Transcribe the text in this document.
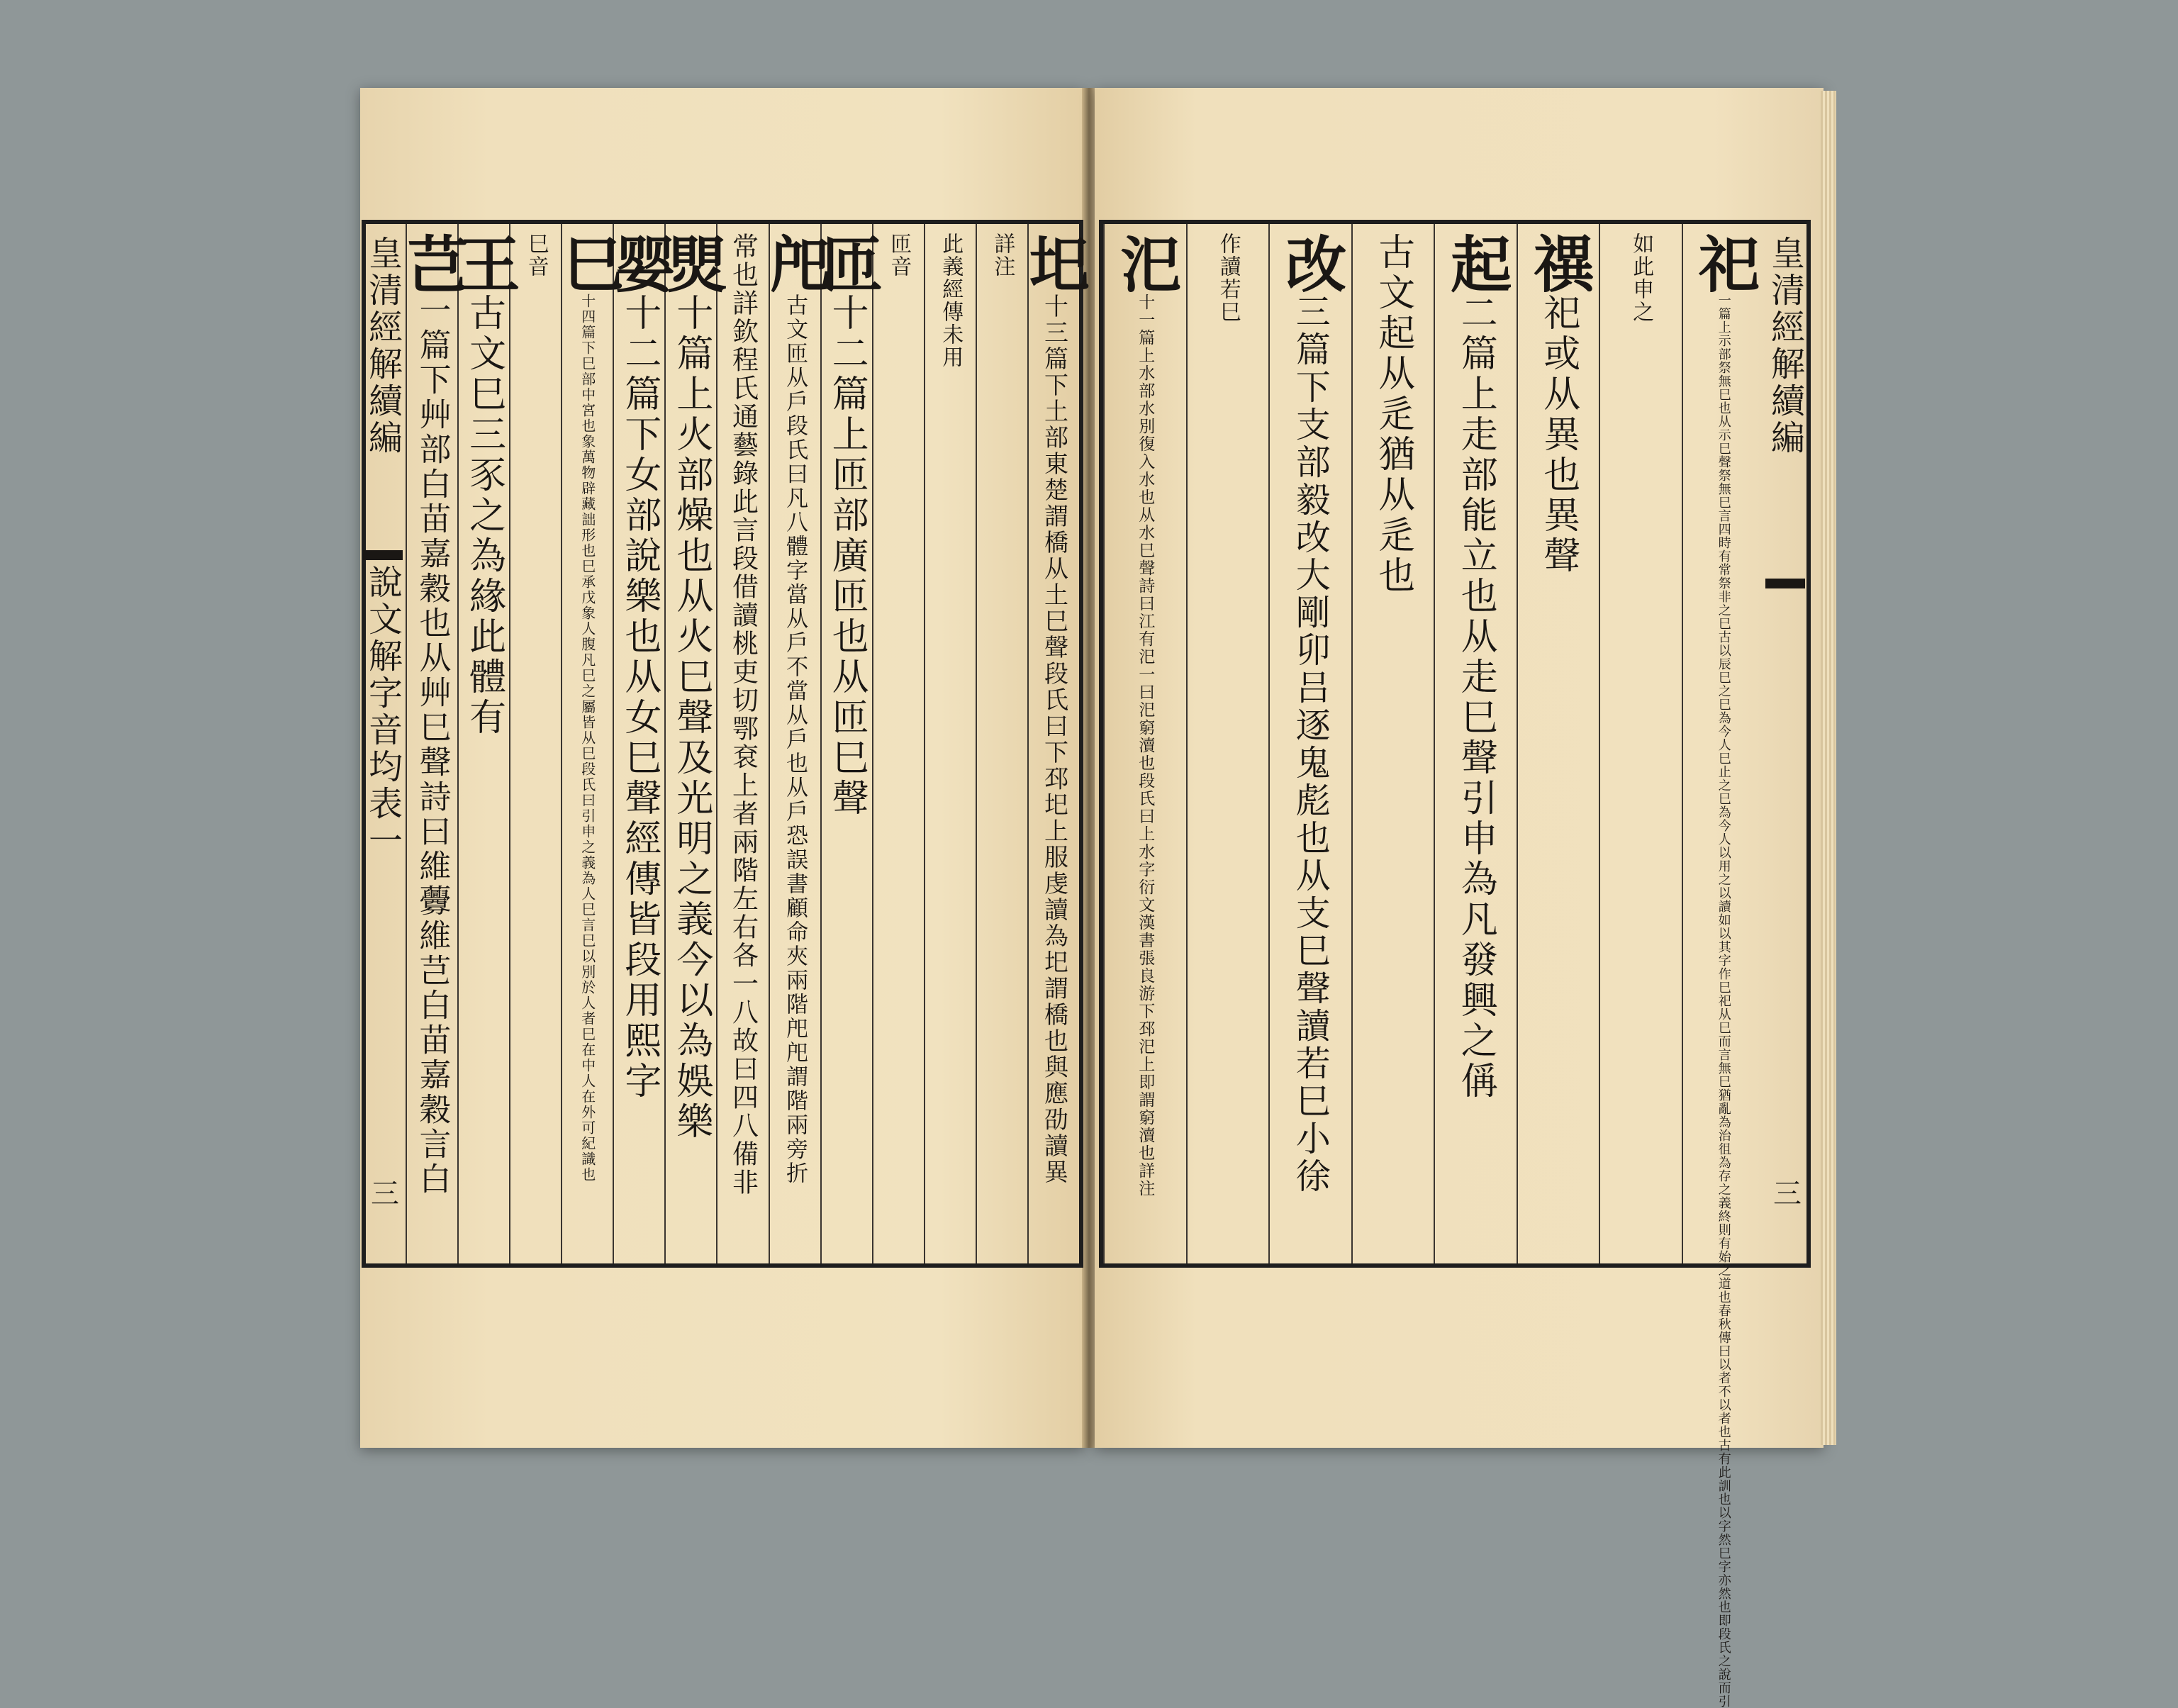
皇清經解續編
說文解字音均表一
三
皇清經解續編
三
圯十三篇下土部東楚謂橋从土巳聲段氏曰下邳圯上服虔讀為圯謂橋也與應劭讀異
詳注
此義經傳未用
匝音
匝十二篇上匝部廣匝也从匝巳聲
戺古文匝从戶段氏曰凡八體字當从戶不當从戶也从戶恐誤書顧命夾兩階戺戺謂階兩旁折
常也詳欽程氏通藝錄此言段借讀桃吏切鄂袞上者兩階左右各一八故曰四八備非
煛十篇上火部燥也从火巳聲及光明之義今以為娛樂
婴十二篇下女部說樂也从女巳聲經傳皆段用熙字
巳十四篇下巳部中宮也象萬物辟藏詘形也巳承戊象人腹凡巳之屬皆从巳段氏曰引申之義為人巳言巳以別於人者巳在中人在外可紀識也
巳音
王古文巳三豕之為緣此體有
芑一篇下艸部白苗嘉穀也从艸巳聲詩曰維虋維芑白苗嘉穀言白
祀一篇上示部祭無巳也从示巳聲祭無巳言四時有常祭非之巳古以辰巳之巳為今人巳止之巳為今人以用之以讀如以其字作巳祀从巳而言無巳猶亂為治徂為存之義終則有始之道也春秋傳曰以者不以者也古有此訓也以字然巳字亦然也即段氏之說而引
如此申之
禩祀或从異也異聲
起二篇上走部能立也从走巳聲引申為凡發興之偁
古文起从辵猶从辵也
改三篇下支部毅改大剛卯吕逐鬼彪也从支巳聲讀若巳小徐
作讀若巳
汜十一篇上水部水別復入水也从水巳聲詩曰江有汜一曰汜窮瀆也段氏曰上水字衍文漢書張良游下邳汜上即謂窮瀆也詳注
